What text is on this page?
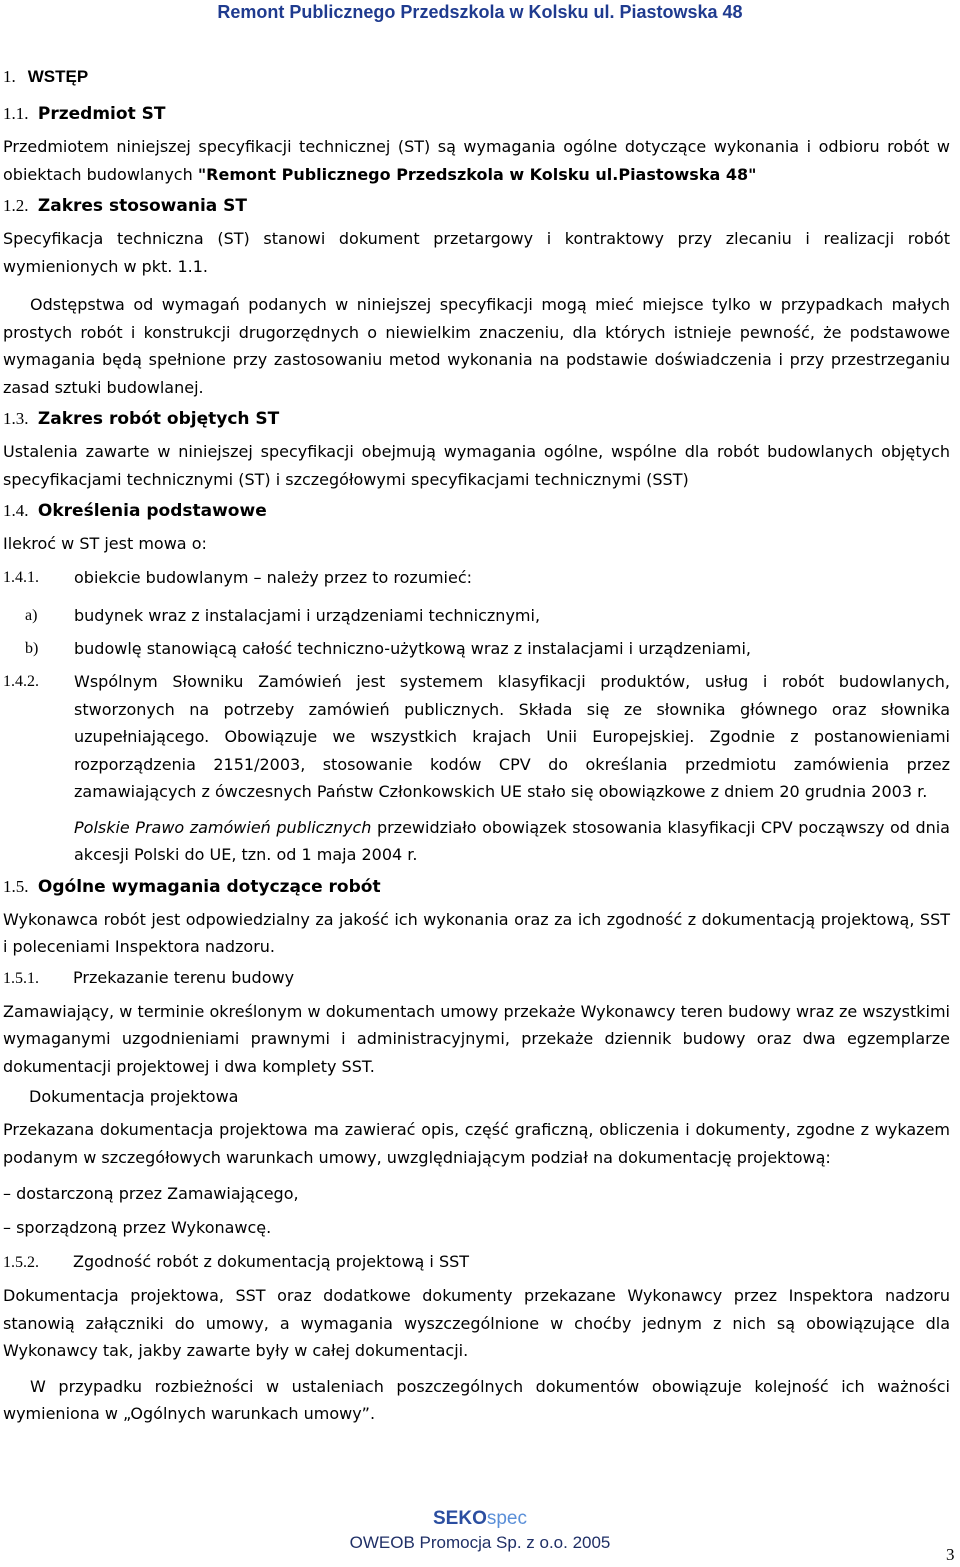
Remont Publicznego Przedszkola w Kolsku ul. Piastowska 48

1. WSTĘP

1.1. Przedmiot ST

Przedmiotem niniejszej specyfikacji technicznej (ST) są wymagania ogólne dotyczące wykonania i odbioru robót w obiektach budowlanych "Remont Publicznego Przedszkola w Kolsku ul.Piastowska 48"

1.2. Zakres stosowania ST

Specyfikacja techniczna (ST) stanowi dokument przetargowy i kontraktowy przy zlecaniu i realizacji robót wymienionych w pkt. 1.1.

Odstępstwa od wymagań podanych w niniejszej specyfikacji mogą mieć miejsce tylko w przypadkach małych prostych robót i konstrukcji drugorzędnych o niewielkim znaczeniu, dla których istnieje pewność, że podstawowe wymagania będą spełnione przy zastosowaniu metod wykonania na podstawie doświadczenia i przy przestrzeganiu zasad sztuki budowlanej.

1.3. Zakres robót objętych ST

Ustalenia zawarte w niniejszej specyfikacji obejmują wymagania ogólne, wspólne dla robót budowlanych objętych specyfikacjami technicznymi (ST) i szczegółowymi specyfikacjami technicznymi (SST)

1.4. Określenia podstawowe

Ilekroć w ST jest mowa o:

1.4.1.	obiekcie budowlanym – należy przez to rozumieć:
a)	budynek wraz z instalacjami i urządzeniami technicznymi,
b)	budowlę stanowiącą całość techniczno-użytkową wraz z instalacjami i urządzeniami,
1.4.2.	Wspólnym Słowniku Zamówień jest systemem klasyfikacji produktów, usług i robót budowlanych, stworzonych na potrzeby zamówień publicznych. Składa się ze słownika głównego oraz słownika uzupełniającego. Obowiązuje we wszystkich krajach Unii Europejskiej. Zgodnie z postanowieniami rozporządzenia 2151/2003, stosowanie kodów CPV do określania przedmiotu zamówienia przez zamawiających z ówczesnych Państw Członkowskich UE stało się obowiązkowe z dniem 20 grudnia 2003 r.

Polskie Prawo zamówień publicznych przewidziało obowiązek stosowania klasyfikacji CPV począwszy od dnia akcesji Polski do UE, tzn. od 1 maja 2004 r.

1.5. Ogólne wymagania dotyczące robót

Wykonawca robót jest odpowiedzialny za jakość ich wykonania oraz za ich zgodność z dokumentacją projektową, SST i poleceniami Inspektora nadzoru.

1.5.1. Przekazanie terenu budowy

Zamawiający, w terminie określonym w dokumentach umowy przekaże Wykonawcy teren budowy wraz ze wszystkimi wymaganymi uzgodnieniami prawnymi i administracyjnymi, przekaże dziennik budowy oraz dwa egzemplarze dokumentacji projektowej i dwa komplety SST.

Dokumentacja projektowa

Przekazana dokumentacja projektowa ma zawierać opis, część graficzną, obliczenia i dokumenty, zgodne z wykazem podanym w szczegółowych warunkach umowy, uwzględniającym podział na dokumentację projektową:

– dostarczoną przez Zamawiającego,

– sporządzoną przez Wykonawcę.

1.5.2. Zgodność robót z dokumentacją projektową i SST

Dokumentacja projektowa, SST oraz dodatkowe dokumenty przekazane Wykonawcy przez Inspektora nadzoru stanowią załączniki do umowy, a wymagania wyszczególnione w choćby jednym z nich są obowiązujące dla Wykonawcy tak, jakby zawarte były w całej dokumentacji.

W przypadku rozbieżności w ustaleniach poszczególnych dokumentów obowiązuje kolejność ich ważności wymieniona w „Ogólnych warunkach umowy”.

SEKOspec
OWEOB Promocja Sp. z o.o. 2005
3
